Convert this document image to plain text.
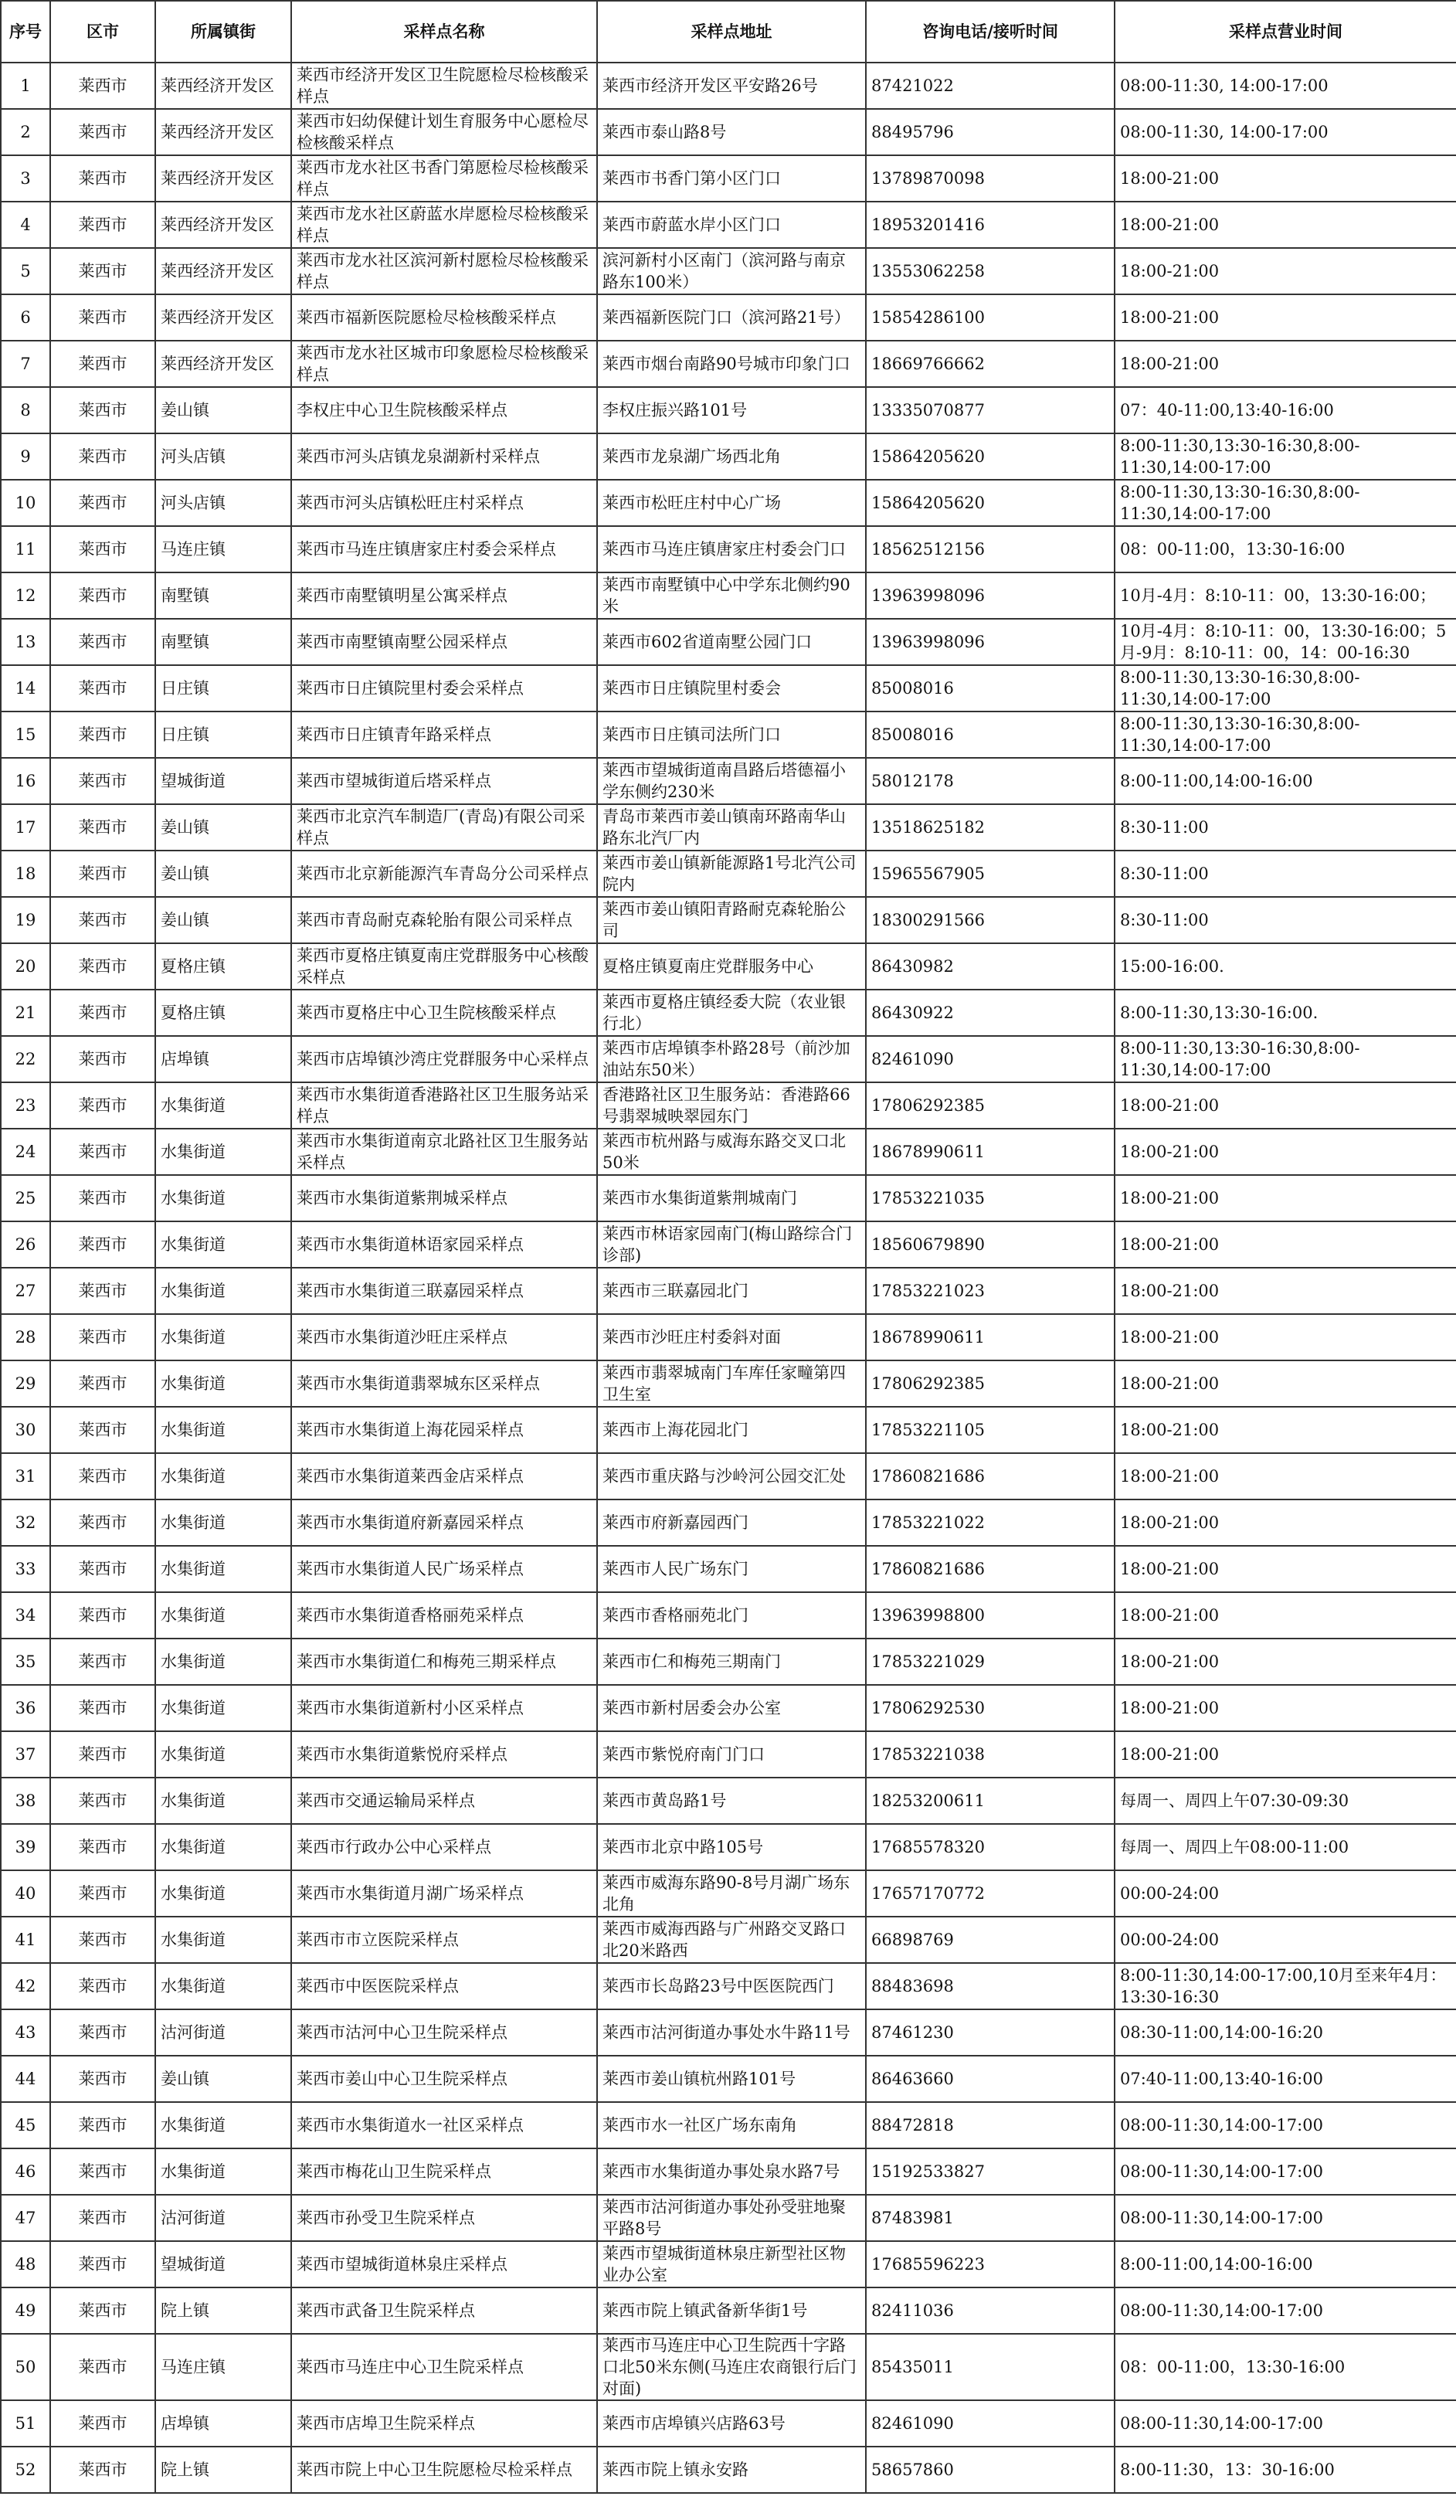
序号	区市	所属镇街	采样点名称	采样点地址	咨询电话/接听时间	采样点营业时间
1	莱西市	莱西经济开发区	莱西市经济开发区卫生院愿检尽检核酸采样点	莱西市经济开发区平安路26号	87421022	08:00-11:30, 14:00-17:00
2	莱西市	莱西经济开发区	莱西市妇幼保健计划生育服务中心愿检尽检核酸采样点	莱西市泰山路8号	88495796	08:00-11:30, 14:00-17:00
3	莱西市	莱西经济开发区	莱西市龙水社区书香门第愿检尽检核酸采样点	莱西市书香门第小区门口	13789870098	18:00-21:00
4	莱西市	莱西经济开发区	莱西市龙水社区蔚蓝水岸愿检尽检核酸采样点	莱西市蔚蓝水岸小区门口	18953201416	18:00-21:00
5	莱西市	莱西经济开发区	莱西市龙水社区滨河新村愿检尽检核酸采样点	滨河新村小区南门（滨河路与南京路东100米）	13553062258	18:00-21:00
6	莱西市	莱西经济开发区	莱西市福新医院愿检尽检核酸采样点	莱西福新医院门口（滨河路21号）	15854286100	18:00-21:00
7	莱西市	莱西经济开发区	莱西市龙水社区城市印象愿检尽检核酸采样点	莱西市烟台南路90号城市印象门口	18669766662	18:00-21:00
8	莱西市	姜山镇	李权庄中心卫生院核酸采样点	李权庄振兴路101号	13335070877	07：40-11:00,13:40-16:00
9	莱西市	河头店镇	莱西市河头店镇龙泉湖新村采样点	莱西市龙泉湖广场西北角	15864205620	8:00-11:30,13:30-16:30,8:00-11:30,14:00-17:00
10	莱西市	河头店镇	莱西市河头店镇松旺庄村采样点	莱西市松旺庄村中心广场	15864205620	8:00-11:30,13:30-16:30,8:00-11:30,14:00-17:00
11	莱西市	马连庄镇	莱西市马连庄镇唐家庄村委会采样点	莱西市马连庄镇唐家庄村委会门口	18562512156	08：00-11:00，13:30-16:00
12	莱西市	南墅镇	莱西市南墅镇明星公寓采样点	莱西市南墅镇中心中学东北侧约90米	13963998096	10月-4月：8:10-11：00，13:30-16:00；
13	莱西市	南墅镇	莱西市南墅镇南墅公园采样点	莱西市602省道南墅公园门口	13963998096	10月-4月：8:10-11：00，13:30-16:00；5月-9月：8:10-11：00，14：00-16:30
14	莱西市	日庄镇	莱西市日庄镇院里村委会采样点	莱西市日庄镇院里村委会	85008016	8:00-11:30,13:30-16:30,8:00-11:30,14:00-17:00
15	莱西市	日庄镇	莱西市日庄镇青年路采样点	莱西市日庄镇司法所门口	85008016	8:00-11:30,13:30-16:30,8:00-11:30,14:00-17:00
16	莱西市	望城街道	莱西市望城街道后塔采样点	莱西市望城街道南昌路后塔德福小学东侧约230米	58012178	8:00-11:00,14:00-16:00
17	莱西市	姜山镇	莱西市北京汽车制造厂(青岛)有限公司采样点	青岛市莱西市姜山镇南环路南华山路东北汽厂内	13518625182	8:30-11:00
18	莱西市	姜山镇	莱西市北京新能源汽车青岛分公司采样点	莱西市姜山镇新能源路1号北汽公司院内	15965567905	8:30-11:00
19	莱西市	姜山镇	莱西市青岛耐克森轮胎有限公司采样点	莱西市姜山镇阳青路耐克森轮胎公司	18300291566	8:30-11:00
20	莱西市	夏格庄镇	莱西市夏格庄镇夏南庄党群服务中心核酸采样点	夏格庄镇夏南庄党群服务中心	86430982	15:00-16:00.
21	莱西市	夏格庄镇	莱西市夏格庄中心卫生院核酸采样点	莱西市夏格庄镇经委大院（农业银行北）	86430922	8:00-11:30,13:30-16:00.
22	莱西市	店埠镇	莱西市店埠镇沙湾庄党群服务中心采样点	莱西市店埠镇李朴路28号（前沙加油站东50米）	82461090	8:00-11:30,13:30-16:30,8:00-11:30,14:00-17:00
23	莱西市	水集街道	莱西市水集街道香港路社区卫生服务站采样点	香港路社区卫生服务站：香港路66号翡翠城映翠园东门	17806292385	18:00-21:00
24	莱西市	水集街道	莱西市水集街道南京北路社区卫生服务站采样点	莱西市杭州路与威海东路交叉口北50米	18678990611	18:00-21:00
25	莱西市	水集街道	莱西市水集街道紫荆城采样点	莱西市水集街道紫荆城南门	17853221035	18:00-21:00
26	莱西市	水集街道	莱西市水集街道林语家园采样点	莱西市林语家园南门(梅山路综合门诊部)	18560679890	18:00-21:00
27	莱西市	水集街道	莱西市水集街道三联嘉园采样点	莱西市三联嘉园北门	17853221023	18:00-21:00
28	莱西市	水集街道	莱西市水集街道沙旺庄采样点	莱西市沙旺庄村委斜对面	18678990611	18:00-21:00
29	莱西市	水集街道	莱西市水集街道翡翠城东区采样点	莱西市翡翠城南门车库任家疃第四卫生室	17806292385	18:00-21:00
30	莱西市	水集街道	莱西市水集街道上海花园采样点	莱西市上海花园北门	17853221105	18:00-21:00
31	莱西市	水集街道	莱西市水集街道莱西金店采样点	莱西市重庆路与沙岭河公园交汇处	17860821686	18:00-21:00
32	莱西市	水集街道	莱西市水集街道府新嘉园采样点	莱西市府新嘉园西门	17853221022	18:00-21:00
33	莱西市	水集街道	莱西市水集街道人民广场采样点	莱西市人民广场东门	17860821686	18:00-21:00
34	莱西市	水集街道	莱西市水集街道香格丽苑采样点	莱西市香格丽苑北门	13963998800	18:00-21:00
35	莱西市	水集街道	莱西市水集街道仁和梅苑三期采样点	莱西市仁和梅苑三期南门	17853221029	18:00-21:00
36	莱西市	水集街道	莱西市水集街道新村小区采样点	莱西市新村居委会办公室	17806292530	18:00-21:00
37	莱西市	水集街道	莱西市水集街道紫悦府采样点	莱西市紫悦府南门门口	17853221038	18:00-21:00
38	莱西市	水集街道	莱西市交通运输局采样点	莱西市黄岛路1号	18253200611	每周一、周四上午07:30-09:30
39	莱西市	水集街道	莱西市行政办公中心采样点	莱西市北京中路105号	17685578320	每周一、周四上午08:00-11:00
40	莱西市	水集街道	莱西市水集街道月湖广场采样点	莱西市威海东路90-8号月湖广场东北角	17657170772	00:00-24:00
41	莱西市	水集街道	莱西市市立医院采样点	莱西市威海西路与广州路交叉路口北20米路西	66898769	00:00-24:00
42	莱西市	水集街道	莱西市中医医院采样点	莱西市长岛路23号中医医院西门	88483698	8:00-11:30,14:00-17:00,10月至来年4月：13:30-16:30
43	莱西市	沽河街道	莱西市沽河中心卫生院采样点	莱西市沽河街道办事处水牛路11号	87461230	08:30-11:00,14:00-16:20
44	莱西市	姜山镇	莱西市姜山中心卫生院采样点	莱西市姜山镇杭州路101号	86463660	07:40-11:00,13:40-16:00
45	莱西市	水集街道	莱西市水集街道水一社区采样点	莱西市水一社区广场东南角	88472818	08:00-11:30,14:00-17:00
46	莱西市	水集街道	莱西市梅花山卫生院采样点	莱西市水集街道办事处泉水路7号	15192533827	08:00-11:30,14:00-17:00
47	莱西市	沽河街道	莱西市孙受卫生院采样点	莱西市沽河街道办事处孙受驻地聚平路8号	87483981	08:00-11:30,14:00-17:00
48	莱西市	望城街道	莱西市望城街道林泉庄采样点	莱西市望城街道林泉庄新型社区物业办公室	17685596223	8:00-11:00,14:00-16:00
49	莱西市	院上镇	莱西市武备卫生院采样点	莱西市院上镇武备新华街1号	82411036	08:00-11:30,14:00-17:00
50	莱西市	马连庄镇	莱西市马连庄中心卫生院采样点	莱西市马连庄中心卫生院西十字路口北50米东侧(马连庄农商银行后门对面)	85435011	08：00-11:00，13:30-16:00
51	莱西市	店埠镇	莱西市店埠卫生院采样点	莱西市店埠镇兴店路63号	82461090	08:00-11:30,14:00-17:00
52	莱西市	院上镇	莱西市院上中心卫生院愿检尽检采样点	莱西市院上镇永安路	58657860	8:00-11:30，13：30-16:00
